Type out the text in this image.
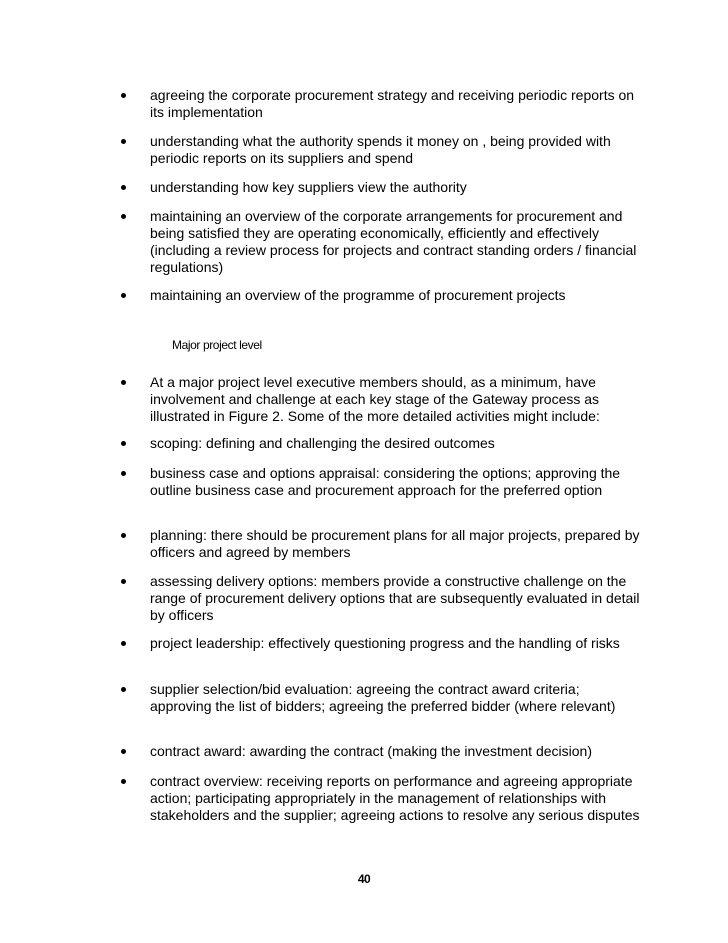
agreeing the corporate procurement strategy and receiving periodic reports on its implementation
understanding what the authority spends it money on , being provided with periodic reports on its suppliers and spend
understanding how key suppliers view the authority
maintaining an overview of the corporate arrangements for procurement and being satisfied they are operating economically, efficiently and effectively (including a review process for projects and contract standing orders / financial regulations)
maintaining an overview of the programme of procurement projects
Major project level
At a major project level executive members should, as a minimum, have involvement and challenge at each key stage of the Gateway process as illustrated in Figure 2. Some of the more detailed activities might include:
scoping: defining and challenging the desired outcomes
business case and options appraisal: considering the options; approving the outline business case and procurement approach for the preferred option
planning: there should be procurement plans for all major projects, prepared by officers and agreed by members
assessing delivery options: members provide a constructive challenge on the range of procurement delivery options that are subsequently evaluated in detail by officers
project leadership: effectively questioning progress and the handling of risks
supplier selection/bid evaluation: agreeing the contract award criteria; approving the list of bidders; agreeing the preferred bidder (where relevant)
contract award: awarding the contract (making the investment decision)
contract overview: receiving reports on performance and agreeing appropriate action; participating appropriately in the management of relationships with stakeholders and the supplier; agreeing actions to resolve any serious disputes
40
